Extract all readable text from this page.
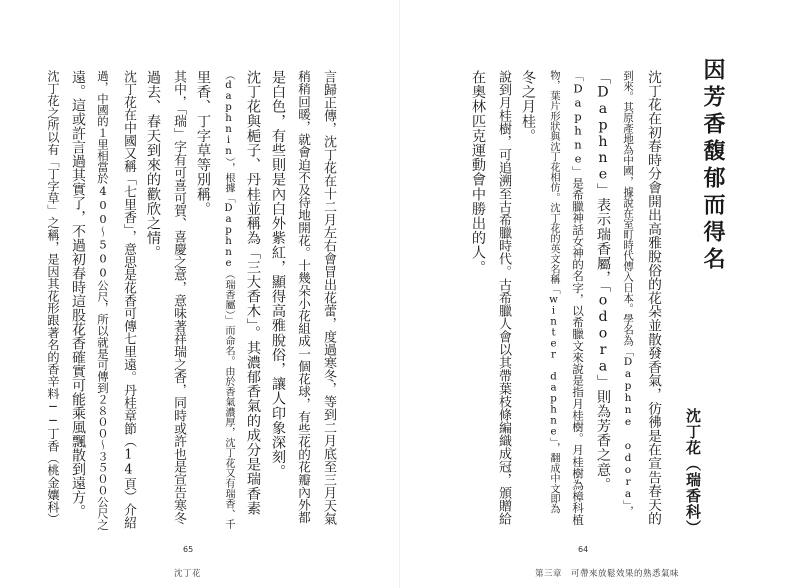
因芳香馥郁而得名
沈丁花（瑞香科）
沈丁花在初春時分會開出高雅脫俗的花朵並散發香氣，彷彿是在宣告春天的
到來。其原產地為中國，據說在室町時代傳入日本。學名為「Daphne odora」，
「Daphne」表示瑞香屬，「odora」則為芳香之意。
「Daphne」是希臘神話女神的名字，以希臘文來說是指月桂樹。月桂樹為樟科植
物，葉片形狀與沈丁花相仿。沈丁花的英文名稱「winter daphne」，翻成中文即為
冬之月桂。
說到月桂樹，可追溯至古希臘時代。古希臘人會以其帶葉枝條編織成冠，頒贈給
在奧林匹克運動會中勝出的人。
64
第三章　可帶來放鬆效果的熟悉氣味
言歸正傳，沈丁花在十二月左右會冒出花蕾，度過寒冬，等到二月底至三月天氣
稍稍回暖，就會迫不及待地開花。十幾朵小花組成一個花球，有些花的花瓣內外都
是白色，有些則是內白外紫紅，顯得高雅脫俗，讓人印象深刻。
沈丁花與梔子、丹桂並稱為「三大香木」。其濃郁香氣的成分是瑞香素
（daphnin），根據「Daphne（瑞香屬）」而命名。由於香氣濃厚，沈丁花又有瑞香、千
里香、丁字草等別稱。
其中，「瑞」字有可喜可賀、喜慶之意，意味著祥瑞之香，同時或許也是宣告寒冬
過去、春天到來的歡欣之情。
沈丁花在中國又稱「七里香」，意思是花香可傳七里遠。丹桂章節（14頁）介紹
過，中國的１里相當於400～500公尺，所以就是可傳到２８００～３５００公尺之
遠。這或許言過其實了，不過初春時這股花香確實可能乘風飄散到遠方。
沈丁花之所以有「丁字草」之稱，是因其花形跟著名的香辛料──丁香（桃金孃科）
65
沈丁花
